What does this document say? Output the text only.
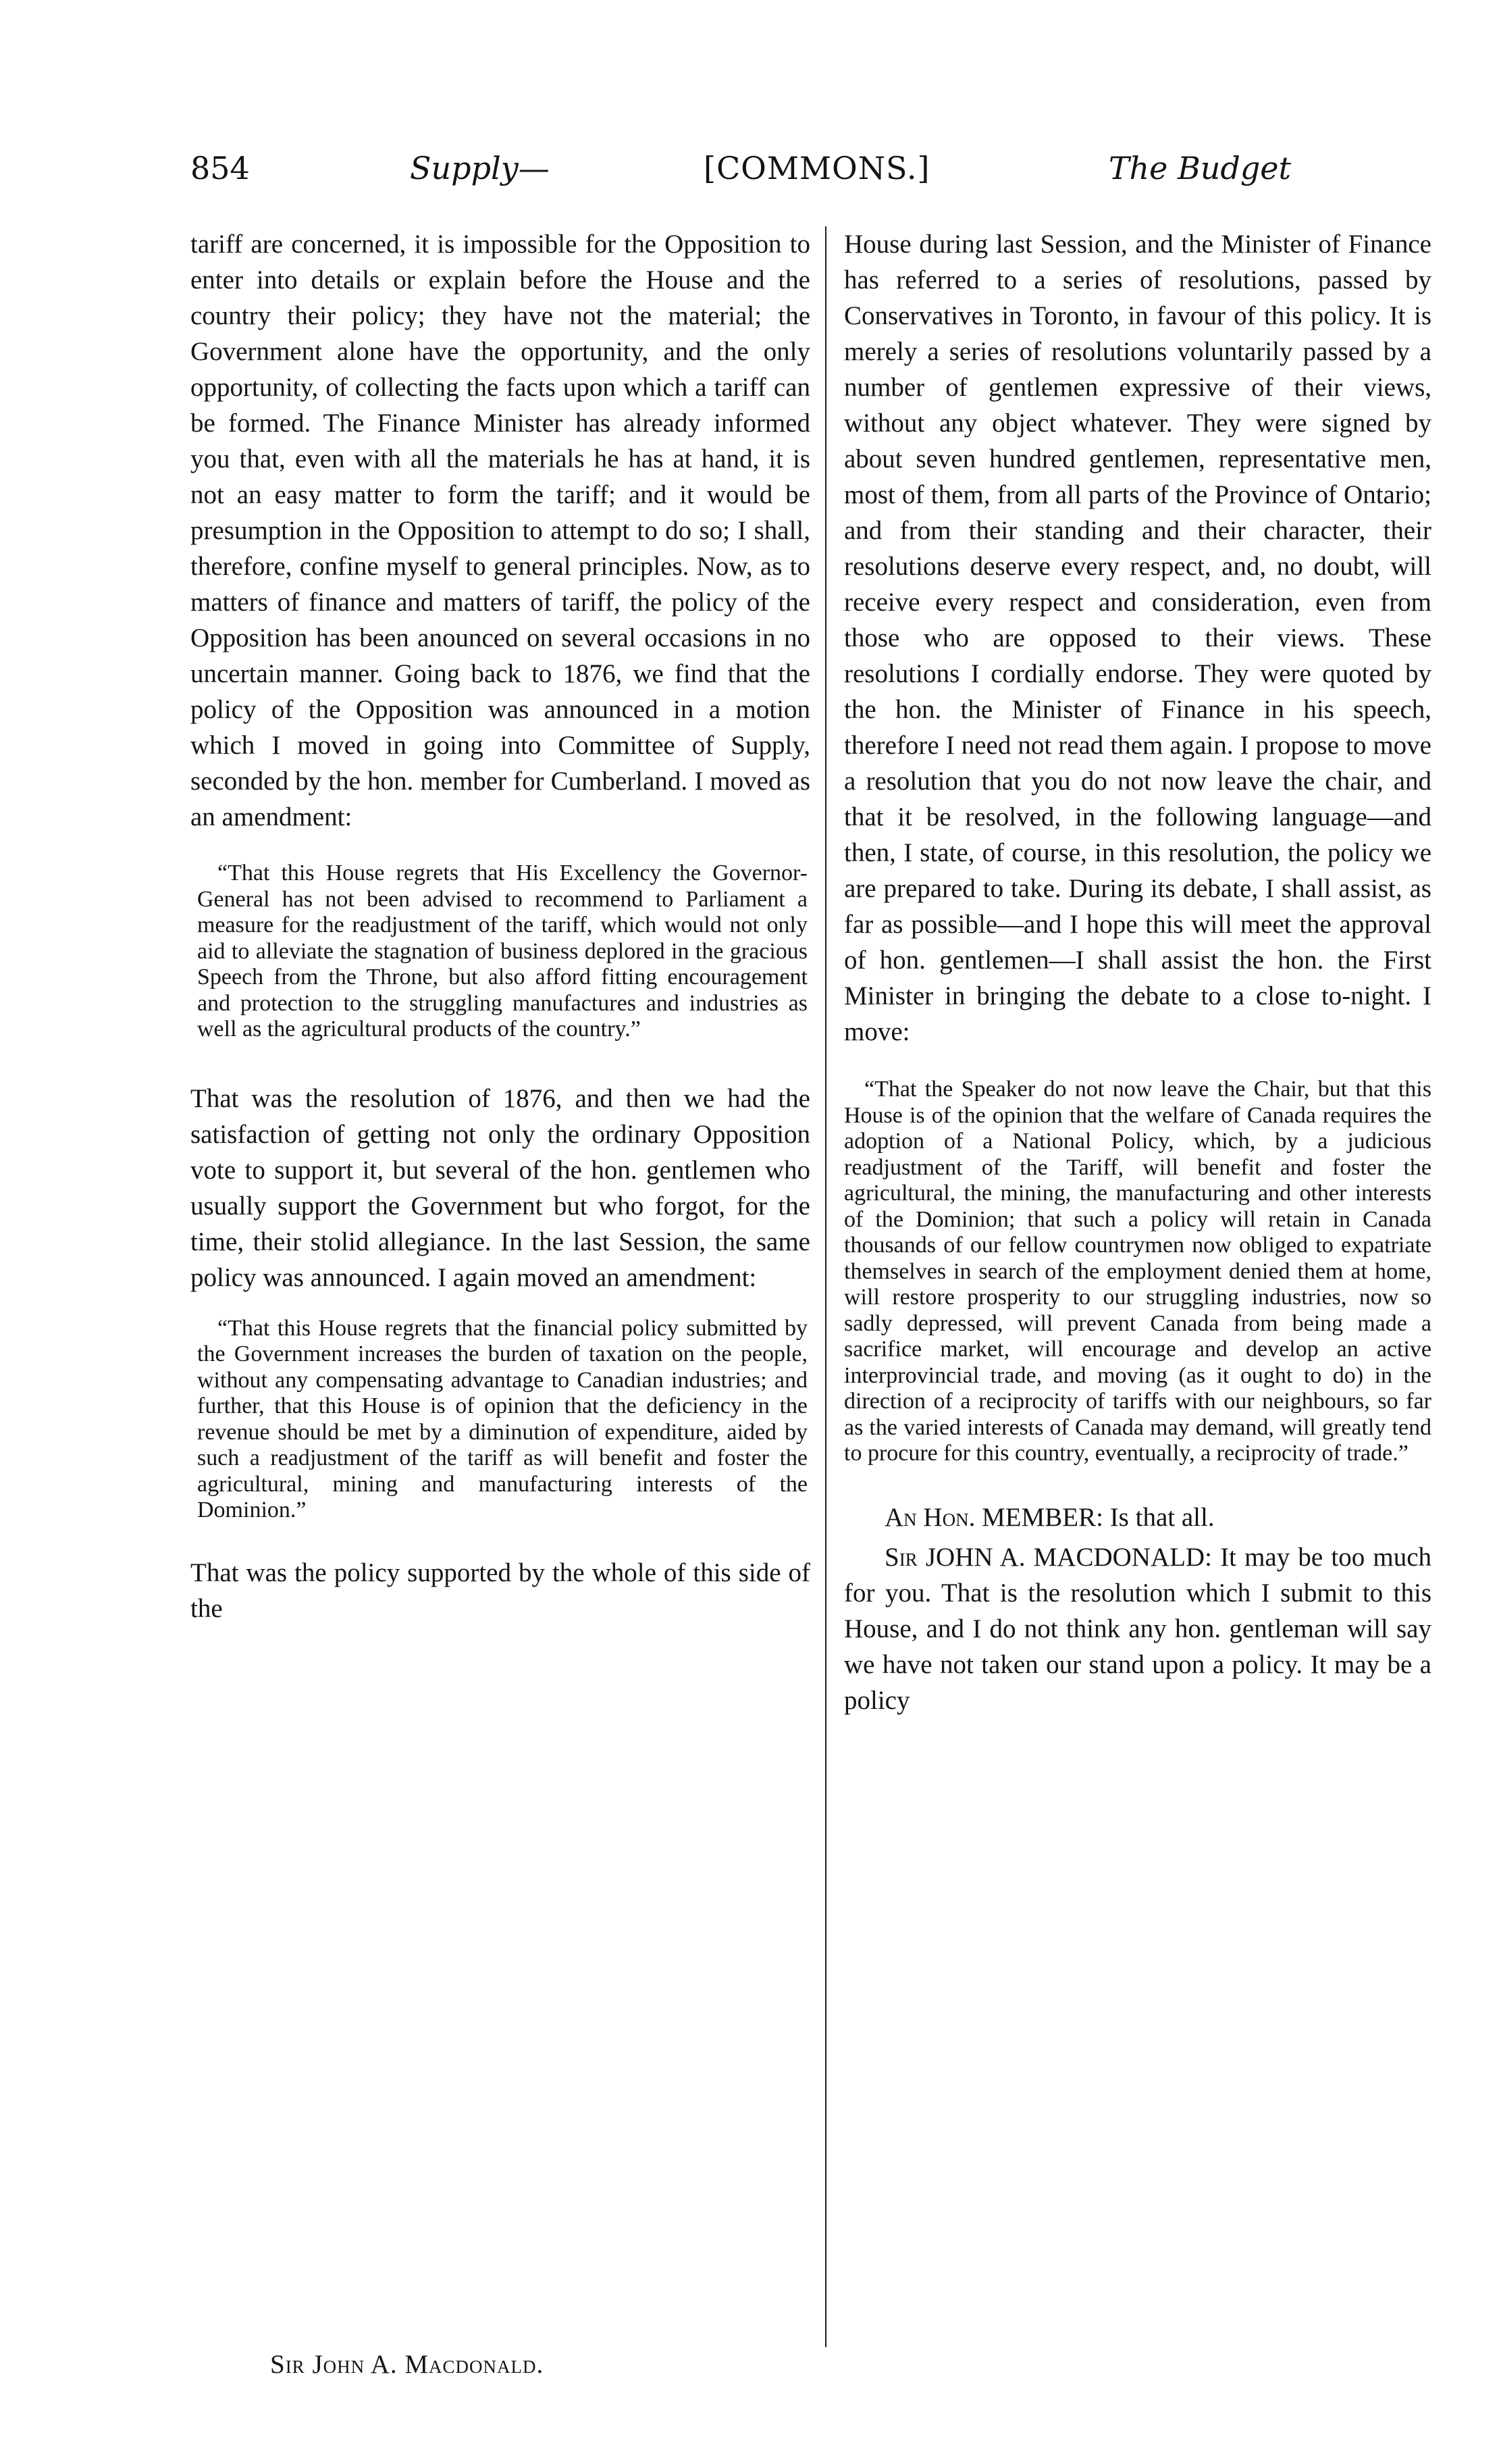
854	Supply—	[COMMONS.]	The Budget

tariff are concerned, it is impossible for the Opposition to enter into details or explain before the House and the country their policy; they have not the material; the Government alone have the opportunity, and the only opportunity, of collecting the facts upon which a tariff can be formed. The Finance Minister has already informed you that, even with all the materials he has at hand, it is not an easy matter to form the tariff; and it would be presumption in the Opposition to attempt to do so; I shall, therefore, confine myself to general principles. Now, as to matters of finance and matters of tariff, the policy of the Opposition has been anounced on several occasions in no uncertain manner. Going back to 1876, we find that the policy of the Opposition was announced in a motion which I moved in going into Committee of Supply, seconded by the hon. member for Cumberland. I moved as an amendment:

“That this House regrets that His Excellency the Governor-General has not been advised to recommend to Parliament a measure for the readjustment of the tariff, which would not only aid to alleviate the stagnation of business deplored in the gracious Speech from the Throne, but also afford fitting encouragement and protection to the struggling manufactures and industries as well as the agricultural products of the country.”

That was the resolution of 1876, and then we had the satisfaction of getting not only the ordinary Opposition vote to support it, but several of the hon. gentlemen who usually support the Government but who forgot, for the time, their stolid allegiance. In the last Session, the same policy was announced. I again moved an amendment:

“That this House regrets that the financial policy submitted by the Government increases the burden of taxation on the people, without any compensating advantage to Canadian industries; and further, that this House is of opinion that the deficiency in the revenue should be met by a diminution of expenditure, aided by such a readjustment of the tariff as will benefit and foster the agricultural, mining and manufacturing interests of the Dominion.”

That was the policy supported by the whole of this side of the

House during last Session, and the Minister of Finance has referred to a series of resolutions, passed by Conservatives in Toronto, in favour of this policy. It is merely a series of resolutions voluntarily passed by a number of gentlemen expressive of their views, without any object whatever. They were signed by about seven hundred gentlemen, representative men, most of them, from all parts of the Province of Ontario; and from their standing and their character, their resolutions deserve every respect, and, no doubt, will receive every respect and consideration, even from those who are opposed to their views. These resolutions I cordially endorse. They were quoted by the hon. the Minister of Finance in his speech, therefore I need not read them again. I propose to move a resolution that you do not now leave the chair, and that it be resolved, in the following language—and then, I state, of course, in this resolution, the policy we are prepared to take. During its debate, I shall assist, as far as possible—and I hope this will meet the approval of hon. gentlemen—I shall assist the hon. the First Minister in bringing the debate to a close to-night. I move:

“That the Speaker do not now leave the Chair, but that this House is of the opinion that the welfare of Canada requires the adoption of a National Policy, which, by a judicious readjustment of the Tariff, will benefit and foster the agricultural, the mining, the manufacturing and other interests of the Dominion; that such a policy will retain in Canada thousands of our fellow countrymen now obliged to expatriate themselves in search of the employment denied them at home, will restore prosperity to our struggling industries, now so sadly depressed, will prevent Canada from being made a sacrifice market, will encourage and develop an active interprovincial trade, and moving (as it ought to do) in the direction of a reciprocity of tariffs with our neighbours, so far as the varied interests of Canada may demand, will greatly tend to procure for this country, eventually, a reciprocity of trade.”

An Hon. MEMBER: Is that all.

Sir JOHN A. MACDONALD: It may be too much for you. That is the resolution which I submit to this House, and I do not think any hon. gentleman will say we have not taken our stand upon a policy. It may be a policy

Sir John A. Macdonald.
